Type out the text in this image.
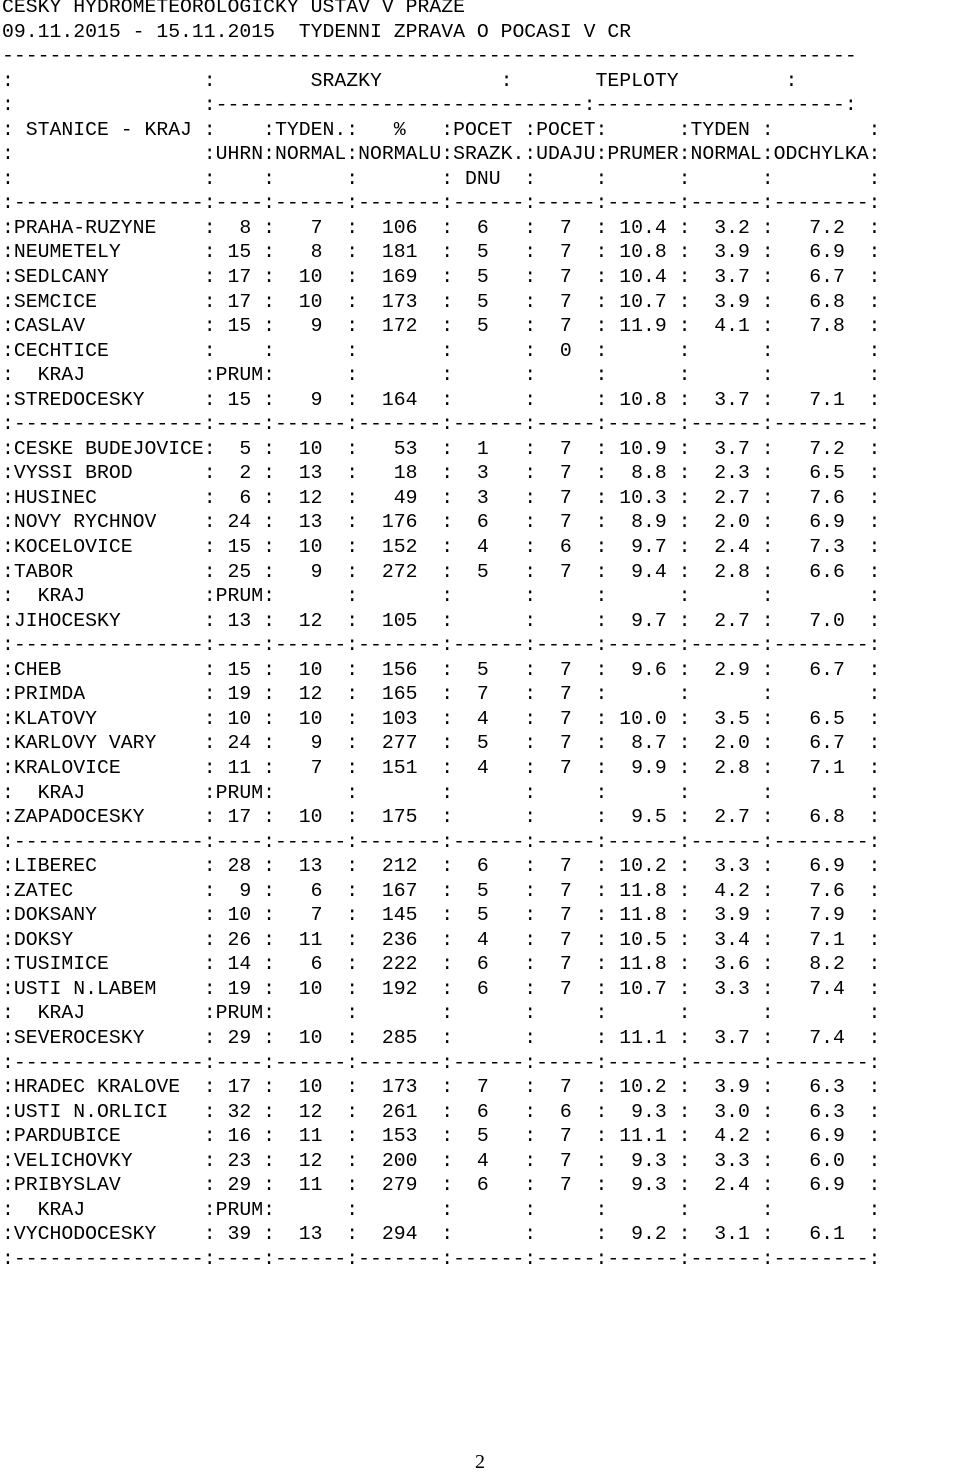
CESKY HYDROMETEOROLOGICKY USTAV V PRAZE
09.11.2015 - 15.11.2015  TYDENNI ZPRAVA O POCASI V CR
------------------------------------------------------------------------
:                :        SRAZKY          :       TEPLOTY         :
:                :-------------------------------:---------------------:
: STANICE - KRAJ :    :TYDEN.:   %   :POCET :POCET:      :TYDEN :        :
:                :UHRN:NORMAL:NORMALU:SRAZK.:UDAJU:PRUMER:NORMAL:ODCHYLKA:
:                :    :      :       : DNU  :     :      :      :        :
:----------------:----:------:-------:------:-----:------:------:--------:
:PRAHA-RUZYNE    :  8 :   7  :  106  :  6   :  7  : 10.4 :  3.2 :   7.2  :
:NEUMETELY       : 15 :   8  :  181  :  5   :  7  : 10.8 :  3.9 :   6.9  :
:SEDLCANY        : 17 :  10  :  169  :  5   :  7  : 10.4 :  3.7 :   6.7  :
:SEMCICE         : 17 :  10  :  173  :  5   :  7  : 10.7 :  3.9 :   6.8  :
:CASLAV          : 15 :   9  :  172  :  5   :  7  : 11.9 :  4.1 :   7.8  :
:CECHTICE        :    :      :       :      :  0  :      :      :        :
:  KRAJ          :PRUM:      :       :      :     :      :      :        :
:STREDOCESKY     : 15 :   9  :  164  :      :     : 10.8 :  3.7 :   7.1  :
:----------------:----:------:-------:------:-----:------:------:--------:
:CESKE BUDEJOVICE:  5 :  10  :   53  :  1   :  7  : 10.9 :  3.7 :   7.2  :
:VYSSI BROD      :  2 :  13  :   18  :  3   :  7  :  8.8 :  2.3 :   6.5  :
:HUSINEC         :  6 :  12  :   49  :  3   :  7  : 10.3 :  2.7 :   7.6  :
:NOVY RYCHNOV    : 24 :  13  :  176  :  6   :  7  :  8.9 :  2.0 :   6.9  :
:KOCELOVICE      : 15 :  10  :  152  :  4   :  6  :  9.7 :  2.4 :   7.3  :
:TABOR           : 25 :   9  :  272  :  5   :  7  :  9.4 :  2.8 :   6.6  :
:  KRAJ          :PRUM:      :       :      :     :      :      :        :
:JIHOCESKY       : 13 :  12  :  105  :      :     :  9.7 :  2.7 :   7.0  :
:----------------:----:------:-------:------:-----:------:------:--------:
:CHEB            : 15 :  10  :  156  :  5   :  7  :  9.6 :  2.9 :   6.7  :
:PRIMDA          : 19 :  12  :  165  :  7   :  7  :      :      :        :
:KLATOVY         : 10 :  10  :  103  :  4   :  7  : 10.0 :  3.5 :   6.5  :
:KARLOVY VARY    : 24 :   9  :  277  :  5   :  7  :  8.7 :  2.0 :   6.7  :
:KRALOVICE       : 11 :   7  :  151  :  4   :  7  :  9.9 :  2.8 :   7.1  :
:  KRAJ          :PRUM:      :       :      :     :      :      :        :
:ZAPADOCESKY     : 17 :  10  :  175  :      :     :  9.5 :  2.7 :   6.8  :
:----------------:----:------:-------:------:-----:------:------:--------:
:LIBEREC         : 28 :  13  :  212  :  6   :  7  : 10.2 :  3.3 :   6.9  :
:ZATEC           :  9 :   6  :  167  :  5   :  7  : 11.8 :  4.2 :   7.6  :
:DOKSANY         : 10 :   7  :  145  :  5   :  7  : 11.8 :  3.9 :   7.9  :
:DOKSY           : 26 :  11  :  236  :  4   :  7  : 10.5 :  3.4 :   7.1  :
:TUSIMICE        : 14 :   6  :  222  :  6   :  7  : 11.8 :  3.6 :   8.2  :
:USTI N.LABEM    : 19 :  10  :  192  :  6   :  7  : 10.7 :  3.3 :   7.4  :
:  KRAJ          :PRUM:      :       :      :     :      :      :        :
:SEVEROCESKY     : 29 :  10  :  285  :      :     : 11.1 :  3.7 :   7.4  :
:----------------:----:------:-------:------:-----:------:------:--------:
:HRADEC KRALOVE  : 17 :  10  :  173  :  7   :  7  : 10.2 :  3.9 :   6.3  :
:USTI N.ORLICI   : 32 :  12  :  261  :  6   :  6  :  9.3 :  3.0 :   6.3  :
:PARDUBICE       : 16 :  11  :  153  :  5   :  7  : 11.1 :  4.2 :   6.9  :
:VELICHOVKY      : 23 :  12  :  200  :  4   :  7  :  9.3 :  3.3 :   6.0  :
:PRIBYSLAV       : 29 :  11  :  279  :  6   :  7  :  9.3 :  2.4 :   6.9  :
:  KRAJ          :PRUM:      :       :      :     :      :      :        :
:VYCHODOCESKY    : 39 :  13  :  294  :      :     :  9.2 :  3.1 :   6.1  :
:----------------:----:------:-------:------:-----:------:------:--------:
2
